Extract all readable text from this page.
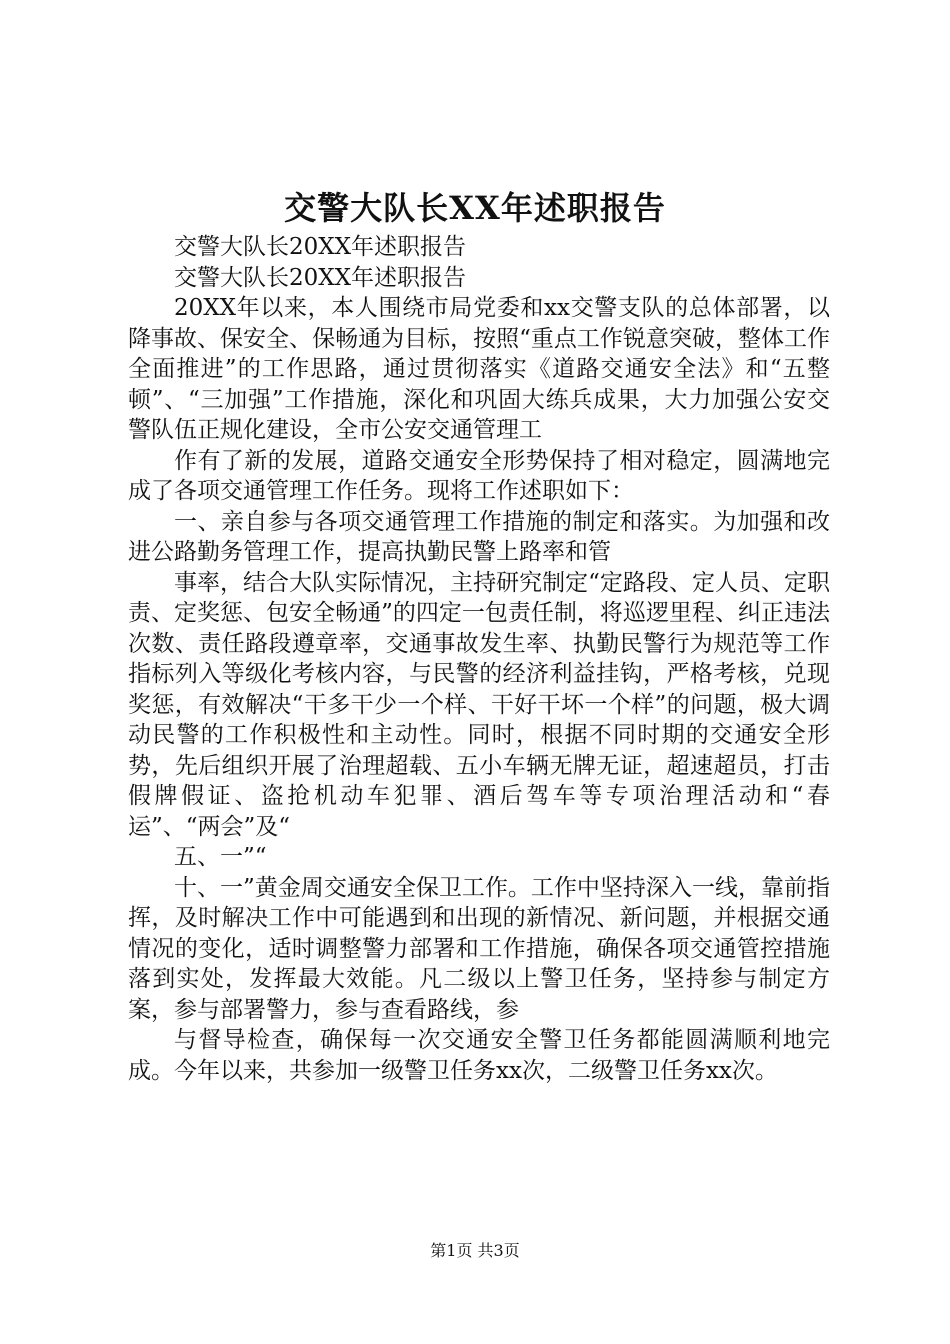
交警大队长XX年述职报告

交警大队长20XX年述职报告

交警大队长20XX年述职报告

20XX年以来，本人围绕市局党委和xx交警支队的总体部署，以降事故、保安全、保畅通为目标，按照“重点工作锐意突破，整体工作全面推进”的工作思路，通过贯彻落实《道路交通安全法》和“五整顿”、“三加强”工作措施，深化和巩固大练兵成果，大力加强公安交警队伍正规化建设，全市公安交通管理工

作有了新的发展，道路交通安全形势保持了相对稳定，圆满地完成了各项交通管理工作任务。现将工作述职如下：

一、亲自参与各项交通管理工作措施的制定和落实。为加强和改进公路勤务管理工作，提高执勤民警上路率和管

事率，结合大队实际情况，主持研究制定“定路段、定人员、定职责、定奖惩、包安全畅通”的四定一包责任制，将巡逻里程、纠正违法次数、责任路段遵章率，交通事故发生率、执勤民警行为规范等工作指标列入等级化考核内容，与民警的经济利益挂钩，严格考核，兑现奖惩，有效解决“干多干少一个样、干好干坏一个样”的问题，极大调动民警的工作积极性和主动性。同时，根据不同时期的交通安全形势，先后组织开展了治理超载、五小车辆无牌无证，超速超员，打击假牌假证、盗抢机动车犯罪、酒后驾车等专项治理活动和“春运”、“两会”及“

五、一”“

十、一”黄金周交通安全保卫工作。工作中坚持深入一线，靠前指挥，及时解决工作中可能遇到和出现的新情况、新问题，并根据交通情况的变化，适时调整警力部署和工作措施，确保各项交通管控措施落到实处，发挥最大效能。凡二级以上警卫任务，坚持参与制定方案，参与部署警力，参与查看路线，参

与督导检查，确保每一次交通安全警卫任务都能圆满顺利地完成。今年以来，共参加一级警卫任务xx次，二级警卫任务xx次。

第1页 共3页
